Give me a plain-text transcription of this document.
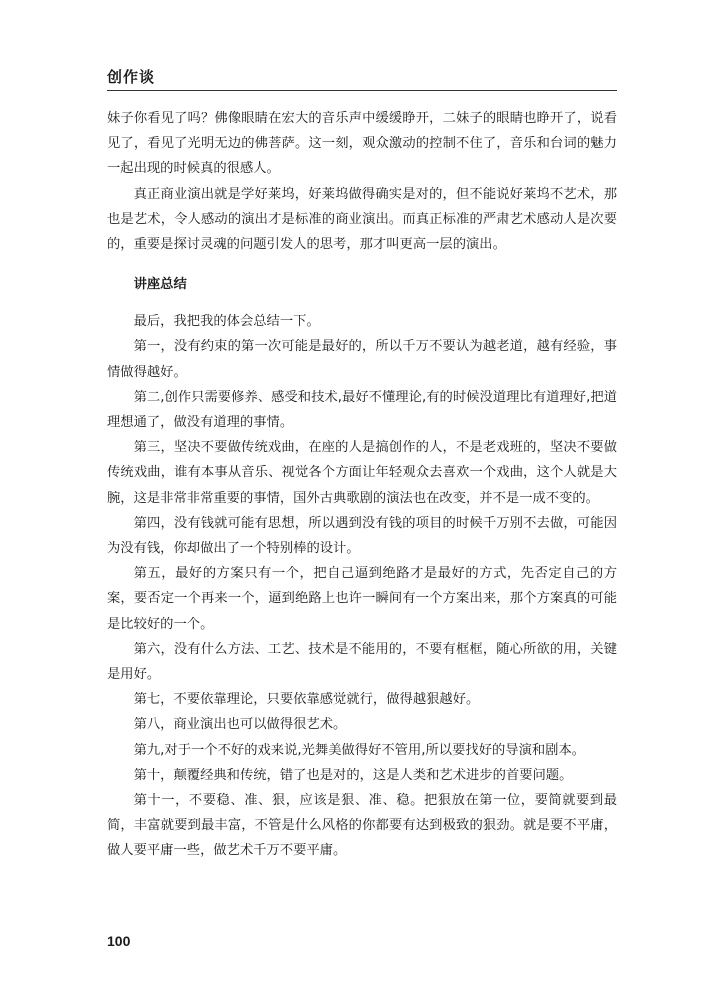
创作谈

妹子你看见了吗？佛像眼睛在宏大的音乐声中缓缓睁开，二妹子的眼睛也睁开了，说看见了，看见了光明无边的佛菩萨。这一刻，观众激动的控制不住了，音乐和台词的魅力一起出现的时候真的很感人。

真正商业演出就是学好莱坞，好莱坞做得确实是对的，但不能说好莱坞不艺术，那也是艺术，令人感动的演出才是标准的商业演出。而真正标准的严肃艺术感动人是次要的，重要是探讨灵魂的问题引发人的思考，那才叫更高一层的演出。

讲座总结

最后，我把我的体会总结一下。

第一，没有约束的第一次可能是最好的，所以千万不要认为越老道，越有经验，事情做得越好。

第二,创作只需要修养、感受和技术,最好不懂理论,有的时候没道理比有道理好,把道理想通了，做没有道理的事情。

第三，坚决不要做传统戏曲，在座的人是搞创作的人，不是老戏班的，坚决不要做传统戏曲，谁有本事从音乐、视觉各个方面让年轻观众去喜欢一个戏曲，这个人就是大腕，这是非常非常重要的事情，国外古典歌剧的演法也在改变，并不是一成不变的。

第四，没有钱就可能有思想，所以遇到没有钱的项目的时候千万别不去做，可能因为没有钱，你却做出了一个特别棒的设计。

第五，最好的方案只有一个，把自己逼到绝路才是最好的方式，先否定自己的方案，要否定一个再来一个，逼到绝路上也许一瞬间有一个方案出来，那个方案真的可能是比较好的一个。

第六，没有什么方法、工艺、技术是不能用的，不要有框框，随心所欲的用，关键是用好。

第七，不要依靠理论，只要依靠感觉就行，做得越狠越好。

第八，商业演出也可以做得很艺术。

第九,对于一个不好的戏来说,光舞美做得好不管用,所以要找好的导演和剧本。

第十，颠覆经典和传统，错了也是对的，这是人类和艺术进步的首要问题。

第十一，不要稳、准、狠，应该是狠、准、稳。把狠放在第一位，要简就要到最简，丰富就要到最丰富，不管是什么风格的你都要有达到极致的狠劲。就是要不平庸，做人要平庸一些，做艺术千万不要平庸。

100
